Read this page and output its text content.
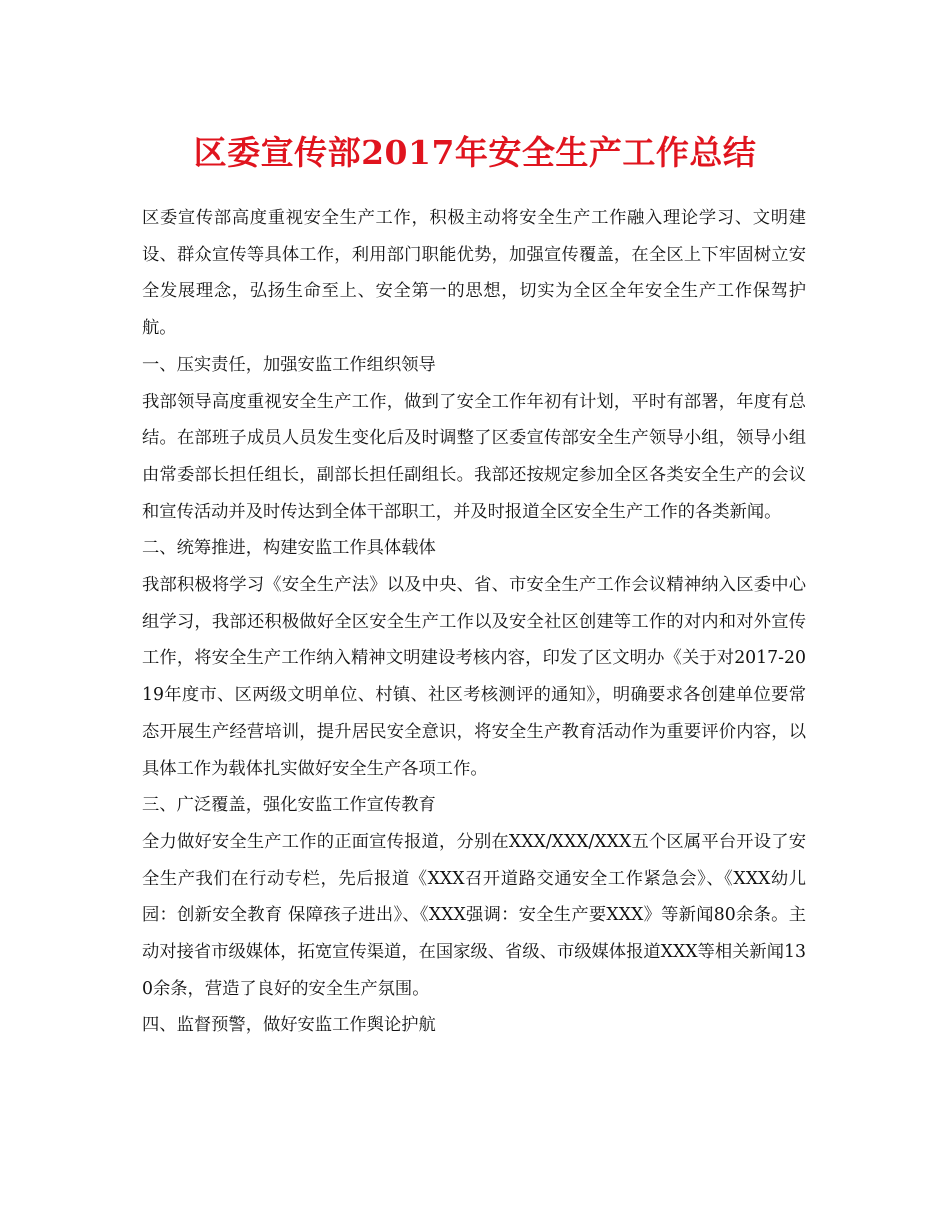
区委宣传部2017年安全生产工作总结

区委宣传部高度重视安全生产工作，积极主动将安全生产工作融入理论学习、文明建设、群众宣传等具体工作，利用部门职能优势，加强宣传覆盖，在全区上下牢固树立安全发展理念，弘扬生命至上、安全第一的思想，切实为全区全年安全生产工作保驾护航。

一、压实责任，加强安监工作组织领导

我部领导高度重视安全生产工作，做到了安全工作年初有计划，平时有部署，年度有总结。在部班子成员人员发生变化后及时调整了区委宣传部安全生产领导小组，领导小组由常委部长担任组长，副部长担任副组长。我部还按规定参加全区各类安全生产的会议和宣传活动并及时传达到全体干部职工，并及时报道全区安全生产工作的各类新闻。

二、统筹推进，构建安监工作具体载体

我部积极将学习《安全生产法》以及中央、省、市安全生产工作会议精神纳入区委中心组学习，我部还积极做好全区安全生产工作以及安全社区创建等工作的对内和对外宣传工作，将安全生产工作纳入精神文明建设考核内容，印发了区文明办《关于对2017-2019年度市、区两级文明单位、村镇、社区考核测评的通知》，明确要求各创建单位要常态开展生产经营培训，提升居民安全意识，将安全生产教育活动作为重要评价内容，以具体工作为载体扎实做好安全生产各项工作。

三、广泛覆盖，强化安监工作宣传教育

全力做好安全生产工作的正面宣传报道，分别在XXX/XXX/XXX五个区属平台开设了安全生产我们在行动专栏，先后报道《XXX召开道路交通安全工作紧急会》、《XXX幼儿园：创新安全教育 保障孩子进出》、《XXX强调：安全生产要XXX》等新闻80余条。主动对接省市级媒体，拓宽宣传渠道，在国家级、省级、市级媒体报道XXX等相关新闻130余条，营造了良好的安全生产氛围。

四、监督预警，做好安监工作舆论护航
